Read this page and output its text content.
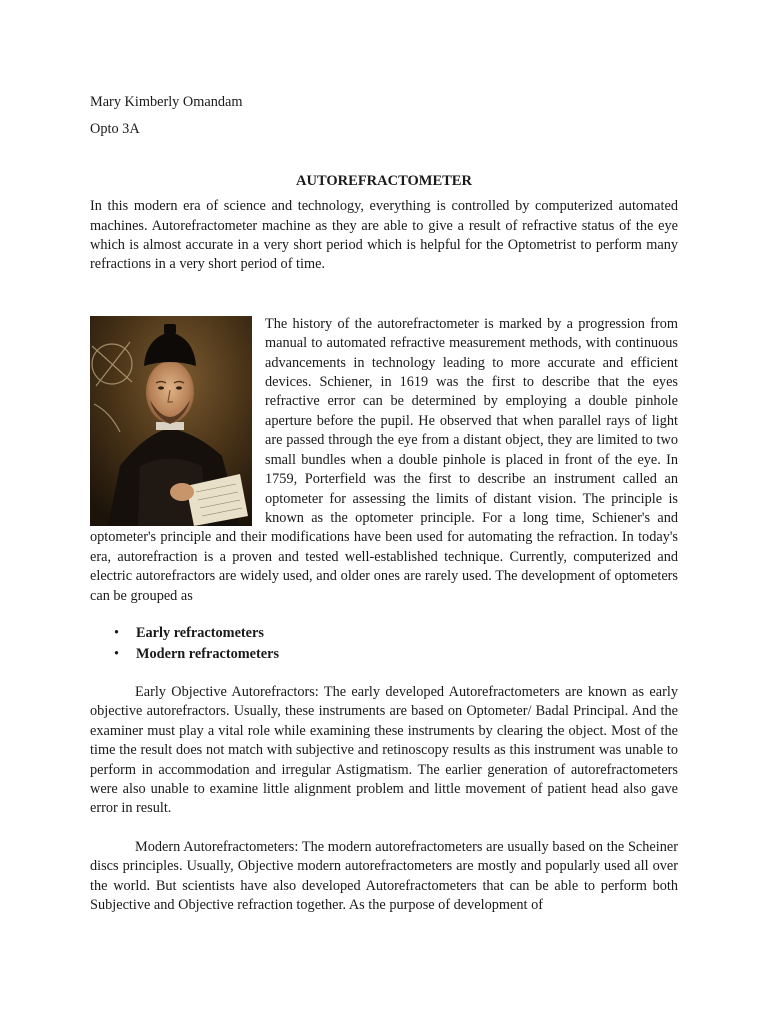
Mary Kimberly Omandam

Opto 3A

AUTOREFRACTOMETER

In this modern era of science and technology, everything is controlled by computerized automated machines. Autorefractometer machine as they are able to give a result of refractive status of the eye which is almost accurate in a very short period which is helpful for the Optometrist to perform many refractions in a very short period of time.

The history of the autorefractometer is marked by a progression from manual to automated refractive measurement methods, with continuous advancements in technology leading to more accurate and efficient devices. Schiener, in 1619 was the first to describe that the eyes refractive error can be determined by employing a double pinhole aperture before the pupil. He observed that when parallel rays of light are passed through the eye from a distant object, they are limited to two small bundles when a double pinhole is placed in front of the eye. In 1759, Porterfield was the first to describe an instrument called an optometer for assessing the limits of distant vision. The principle is known as the optometer principle. For a long time, Schiener's and optometer's principle and their modifications have been used for automating the refraction. In today's era, autorefraction is a proven and tested well-established technique. Currently, computerized and electric autorefractors are widely used, and older ones are rarely used. The development of optometers can be grouped as

• Early refractometers
• Modern refractometers

Early Objective Autorefractors: The early developed Autorefractometers are known as early objective autorefractors. Usually, these instruments are based on Optometer/ Badal Principal. And the examiner must play a vital role while examining these instruments by clearing the object. Most of the time the result does not match with subjective and retinoscopy results as this instrument was unable to perform in accommodation and irregular Astigmatism. The earlier generation of autorefractometers were also unable to examine little alignment problem and little movement of patient head also gave error in result.

Modern Autorefractometers: The modern autorefractometers are usually based on the Scheiner discs principles. Usually, Objective modern autorefractometers are mostly and popularly used all over the world. But scientists have also developed Autorefractometers that can be able to perform both Subjective and Objective refraction together. As the purpose of development of
